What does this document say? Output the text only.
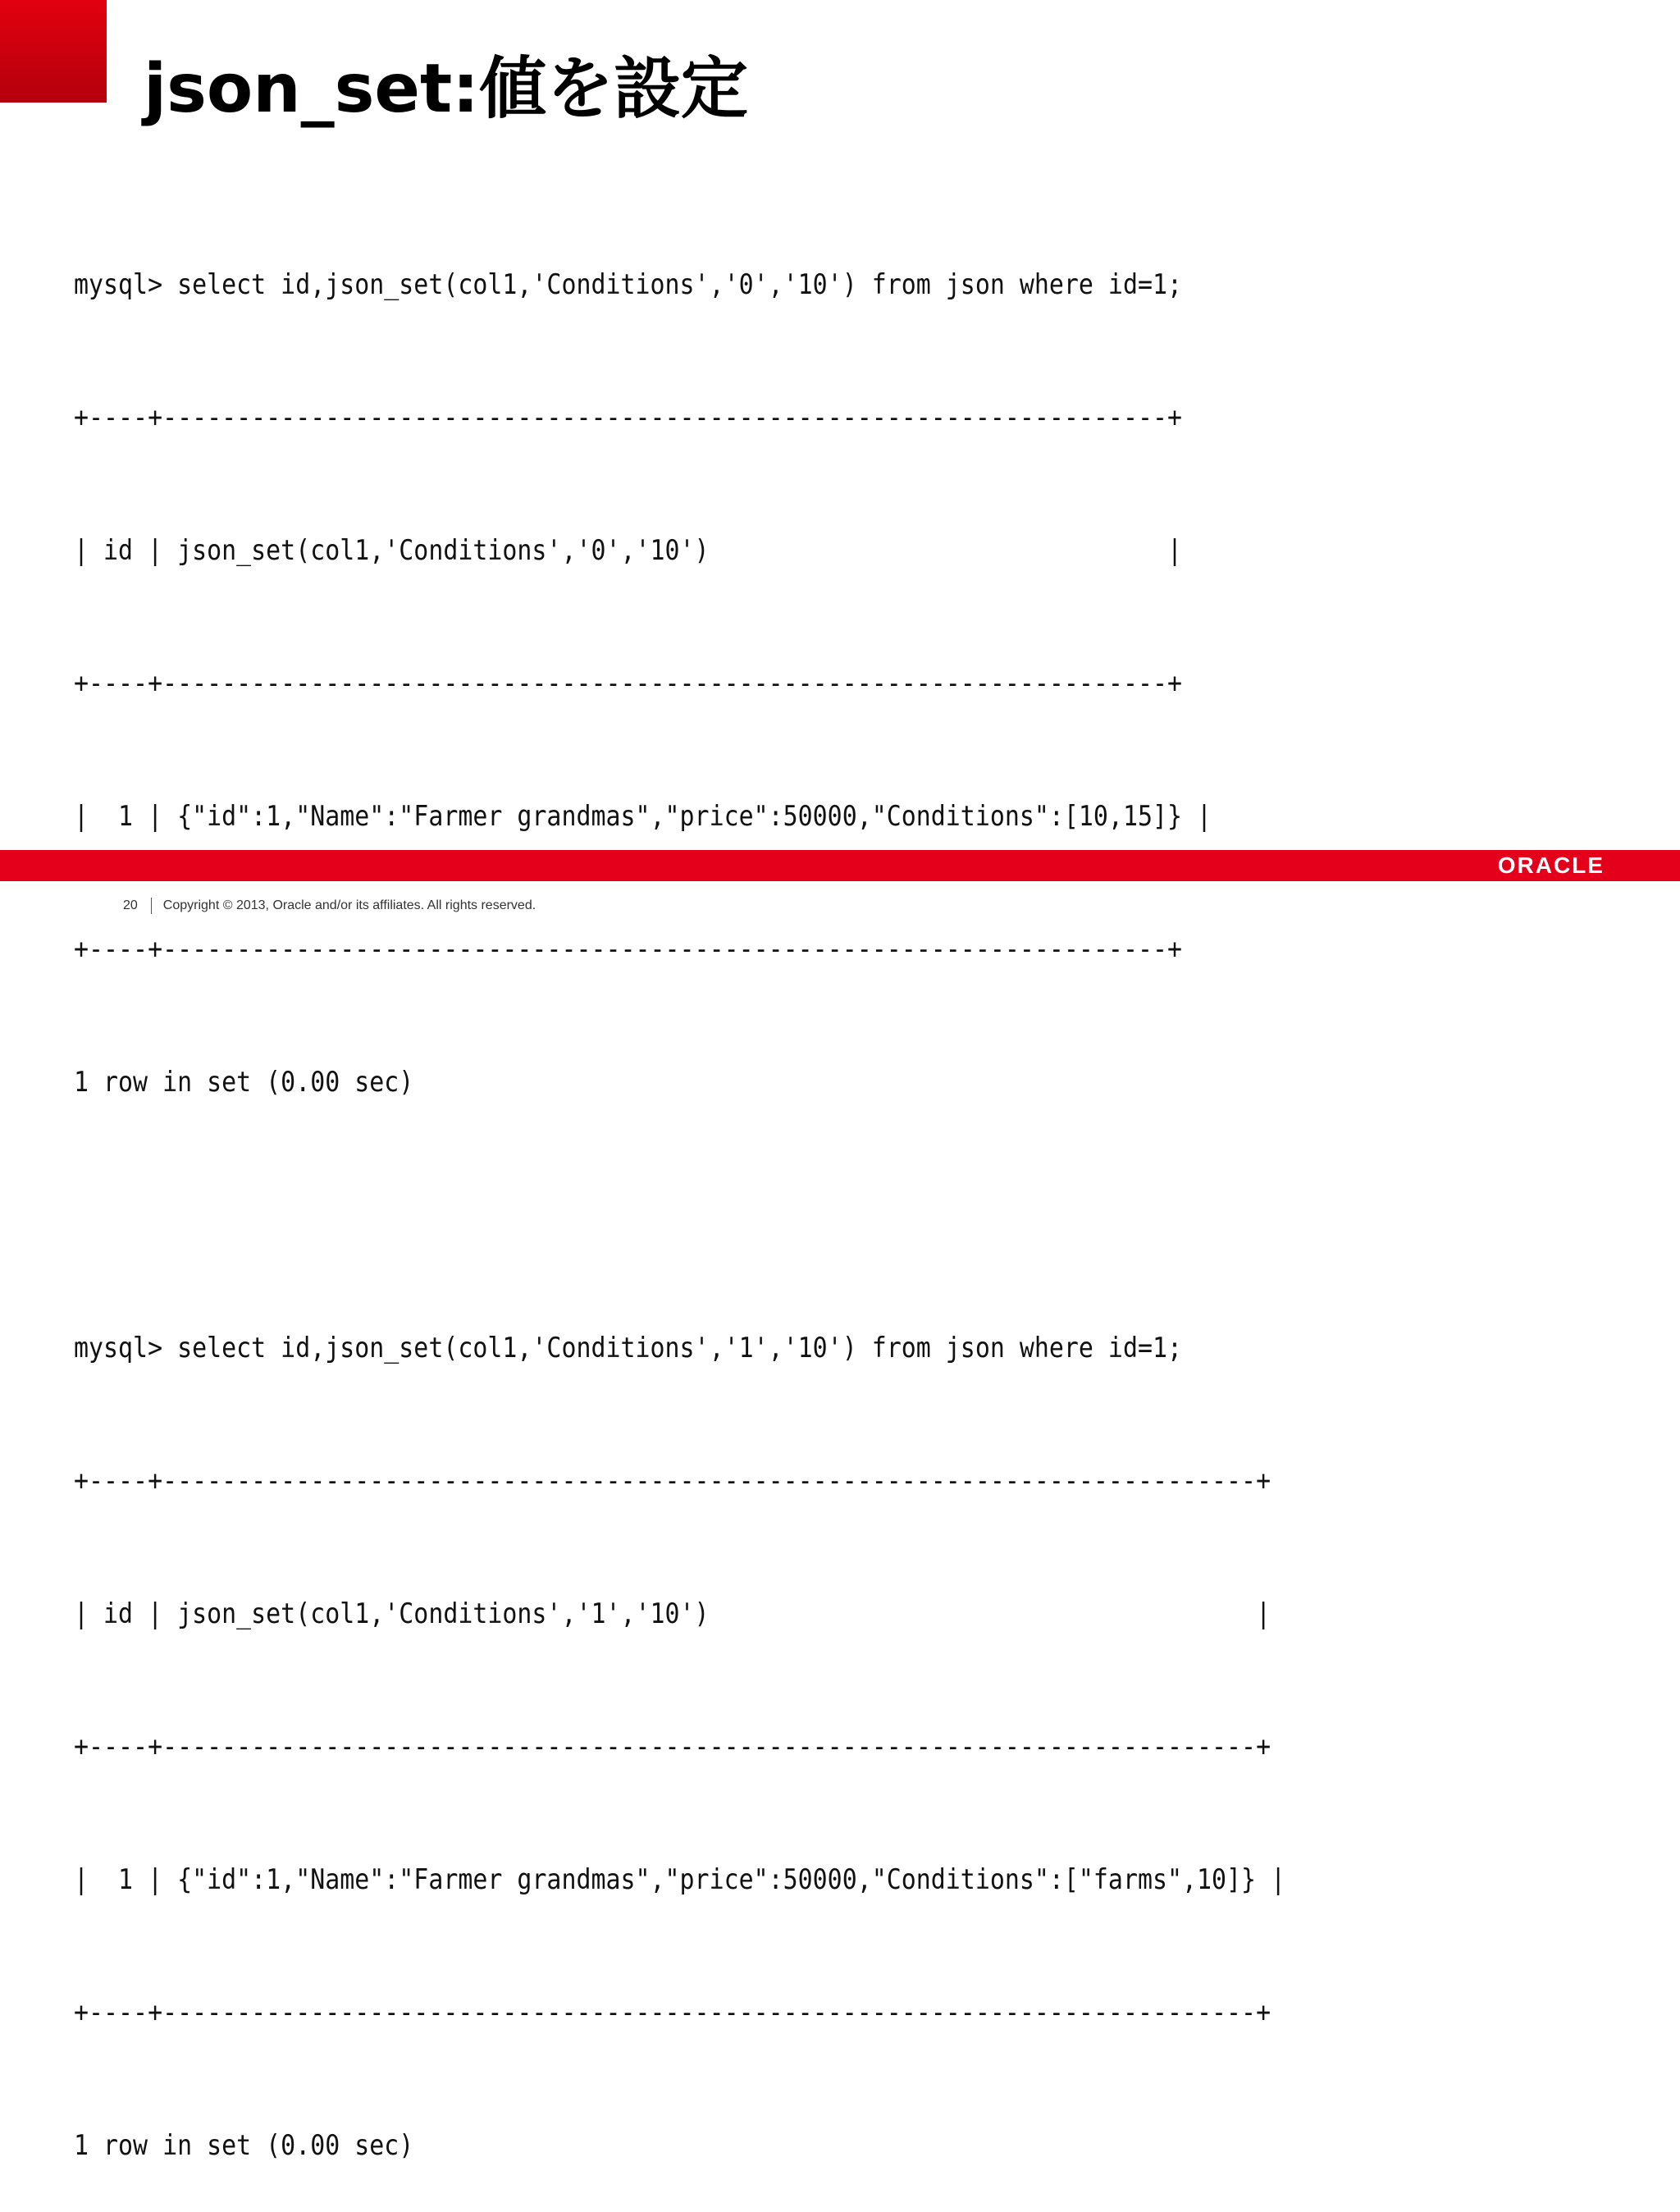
json_set:値を設定

mysql> select id,json_set(col1,'Conditions','0','10') from json where id=1;

+----+--------------------------------------------------------------------+

| id | json_set(col1,'Conditions','0','10')                               |

+----+--------------------------------------------------------------------+

|  1 | {"id":1,"Name":"Farmer grandmas","price":50000,"Conditions":[10,15]} |

+----+--------------------------------------------------------------------+

1 row in set (0.00 sec)

mysql> select id,json_set(col1,'Conditions','1','10') from json where id=1;

+----+--------------------------------------------------------------------------+

| id | json_set(col1,'Conditions','1','10')                                     |

+----+--------------------------------------------------------------------------+

|  1 | {"id":1,"Name":"Farmer grandmas","price":50000,"Conditions":["farms",10]} |

+----+--------------------------------------------------------------------------+

1 row in set (0.00 sec)

ORACLE
20 Copyright © 2013, Oracle and/or its affiliates. All rights reserved.
